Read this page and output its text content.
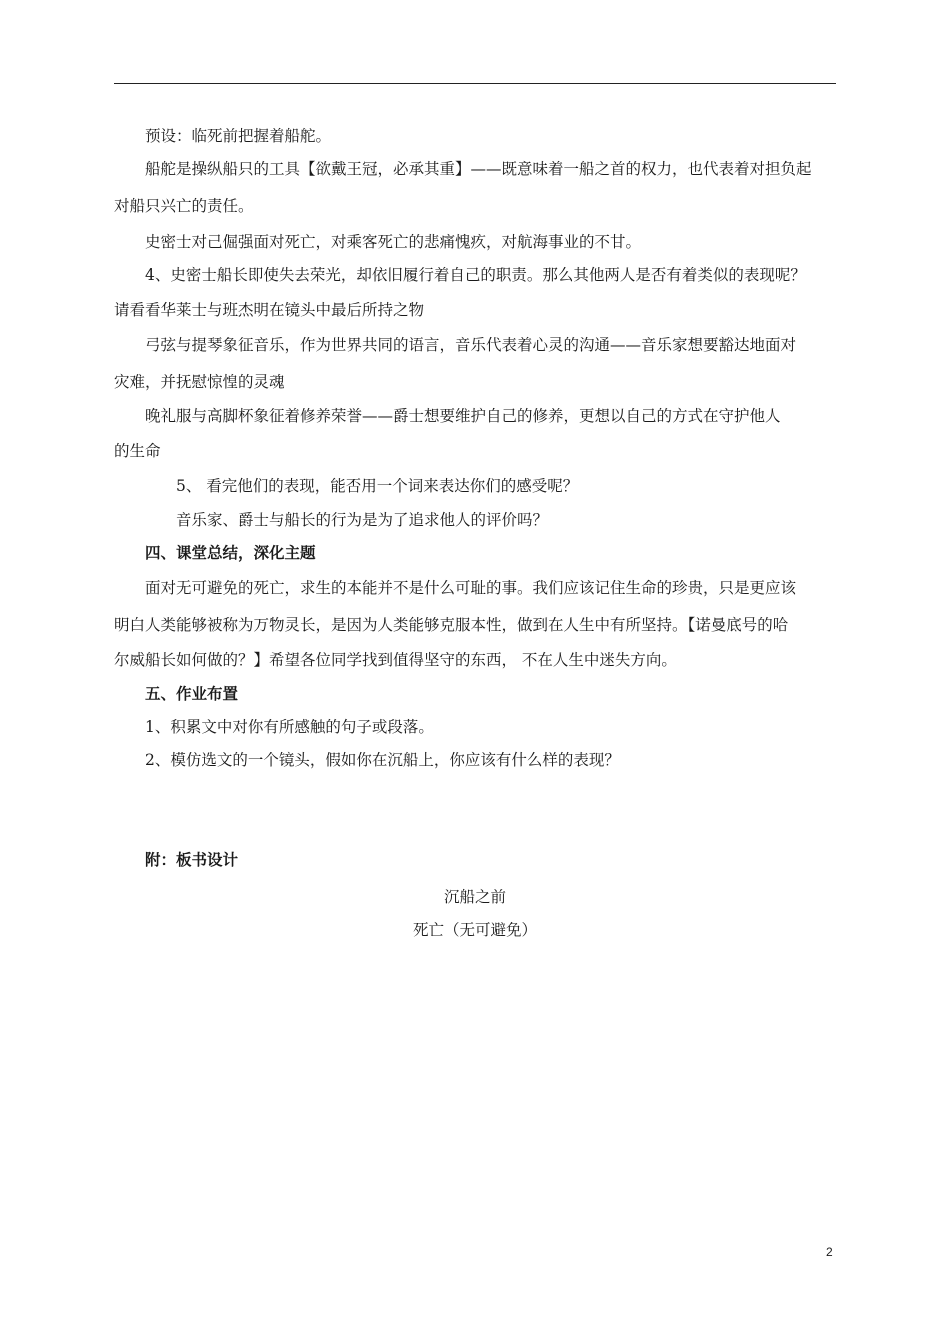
预设：临死前把握着船舵。
船舵是操纵船只的工具【欲戴王冠，必承其重】——既意味着一船之首的权力，也代表着对担负起
对船只兴亡的责任。
史密士对己倔强面对死亡，对乘客死亡的悲痛愧疚，对航海事业的不甘。
4、史密士船长即使失去荣光，却依旧履行着自己的职责。那么其他两人是否有着类似的表现呢？
请看看华莱士与班杰明在镜头中最后所持之物
弓弦与提琴象征音乐，作为世界共同的语言，音乐代表着心灵的沟通——音乐家想要豁达地面对
灾难，并抚慰惊惶的灵魂
晚礼服与高脚杯象征着修养荣誉——爵士想要维护自己的修养，更想以自己的方式在守护他人
的生命
5、 看完他们的表现，能否用一个词来表达你们的感受呢？
音乐家、爵士与船长的行为是为了追求他人的评价吗？
四、课堂总结，深化主题
面对无可避免的死亡，求生的本能并不是什么可耻的事。我们应该记住生命的珍贵，只是更应该
明白人类能够被称为万物灵长，是因为人类能够克服本性，做到在人生中有所坚持。【诺曼底号的哈
尔威船长如何做的？】希望各位同学找到值得坚守的东西， 不在人生中迷失方向。
五、作业布置
1、积累文中对你有所感触的句子或段落。
2、模仿选文的一个镜头，假如你在沉船上，你应该有什么样的表现？
附：板书设计
沉船之前
死亡（无可避免）
2
